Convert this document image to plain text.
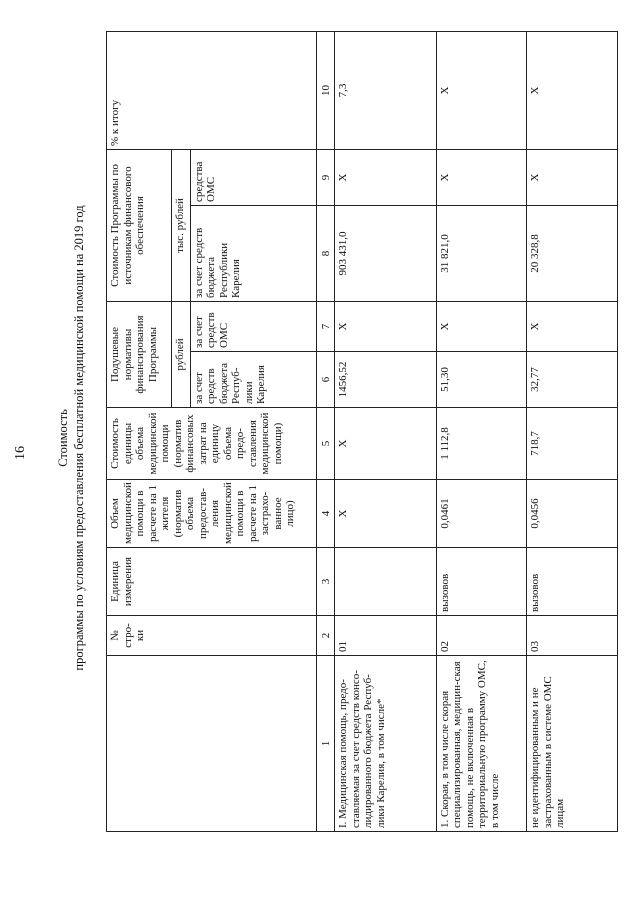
16 Стоимость программы по условиям предоставления бесплатной медицинской помощи на 2019 год
	№ стро-ки	Единица измерения	Объем медицинской помощи в расчете на 1 жителя (норматив объема предостав-ления медицинской помощи в расчете на 1 застрахо-ванное лицо)	Стоимость единицы объема медицинской помощи (норматив финансовых затрат на единицу объема предо-ставления медицинской помощи)	Подушевые нормативы финансирования Программы		Стоимость Программы по источникам финансового обеспечения		% к итогу
					рублей		тыс. рублей		
					за счет средств бюджета Респуб-лики Карелия	за счет средств ОМС	за счет средств бюджета Республики Карелия	средства ОМС	
1	2	3	4	5	6	7	8	9	10
I. Медицинская помощь, предо-ставляемая за счет средств консо-лидированного бюджета Респуб-лики Карелия, в том числе*	01		X	X	1456,52	X	903 431,0	X	7,3
1. Скорая, в том числе скорая специализированная, медицин-ская помощь, не включенная в территориальную программу ОМС, в том числе	02	вызовов	0,0461	1 112,8	51,30	X	31 821,0	X	X
не идентифицированным и не застрахованным в системе ОМС лицам	03	вызовов	0,0456	718,7	32,77	X	20 328,8	X	X
